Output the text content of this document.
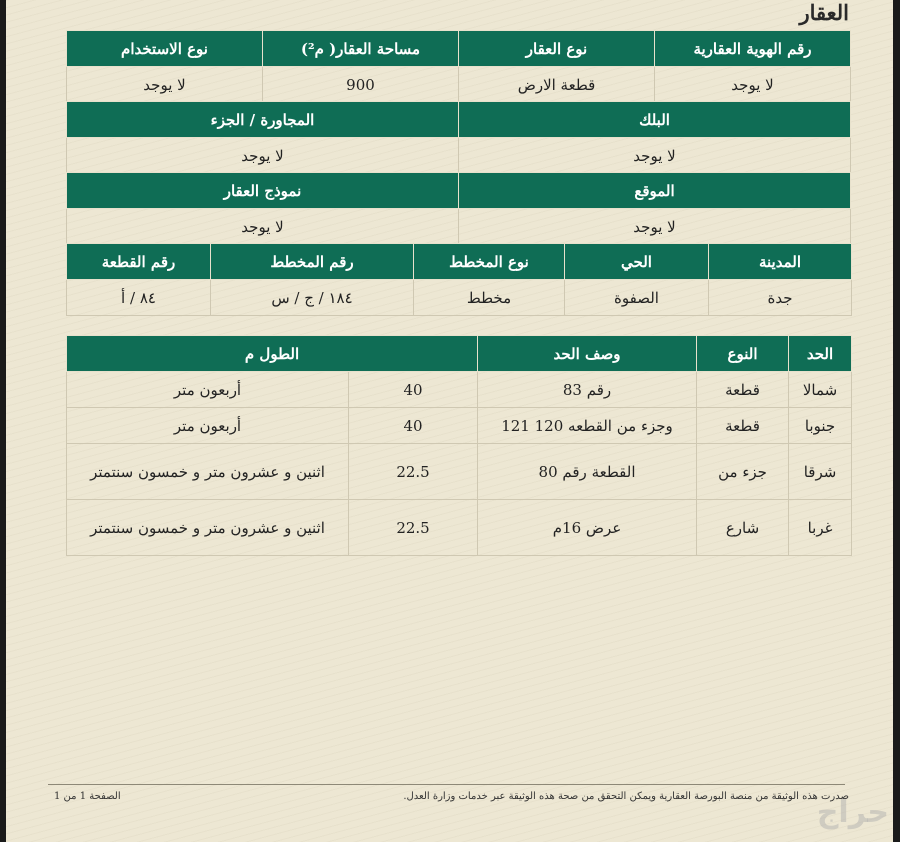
العقار
رقم الهوية العقارية	نوع العقار	مساحة العقار( م²)	نوع الاستخدام
لا يوجد	قطعة الارض	900	لا يوجد
البلك	المجاورة / الجزء
لا يوجد	لا يوجد
الموقع	نموذج العقار
لا يوجد	لا يوجد
المدينة	الحي	نوع المخطط	رقم المخطط	رقم القطعة
جدة	الصفوة	مخطط	١٨٤ / ج / س	٨٤ / أ
الحد	النوع	وصف الحد	الطول م	
شمالا	قطعة	رقم 83	40	أربعون متر
جنوبا	قطعة	وجزء من القطعه 120 121	40	أربعون متر
شرقا	جزء من	القطعة رقم 80	22.5	اثنين و عشرون متر و خمسون سنتمتر
غربا	شارع	عرض 16م	22.5	اثنين و عشرون متر و خمسون سنتمتر
صدرت هذه الوثيقة من منصة البورصة العقارية ويمكن التحقق من صحة هذه الوثيقة عبر خدمات وزارة العدل.
الصفحة 1 من 1	حراج
